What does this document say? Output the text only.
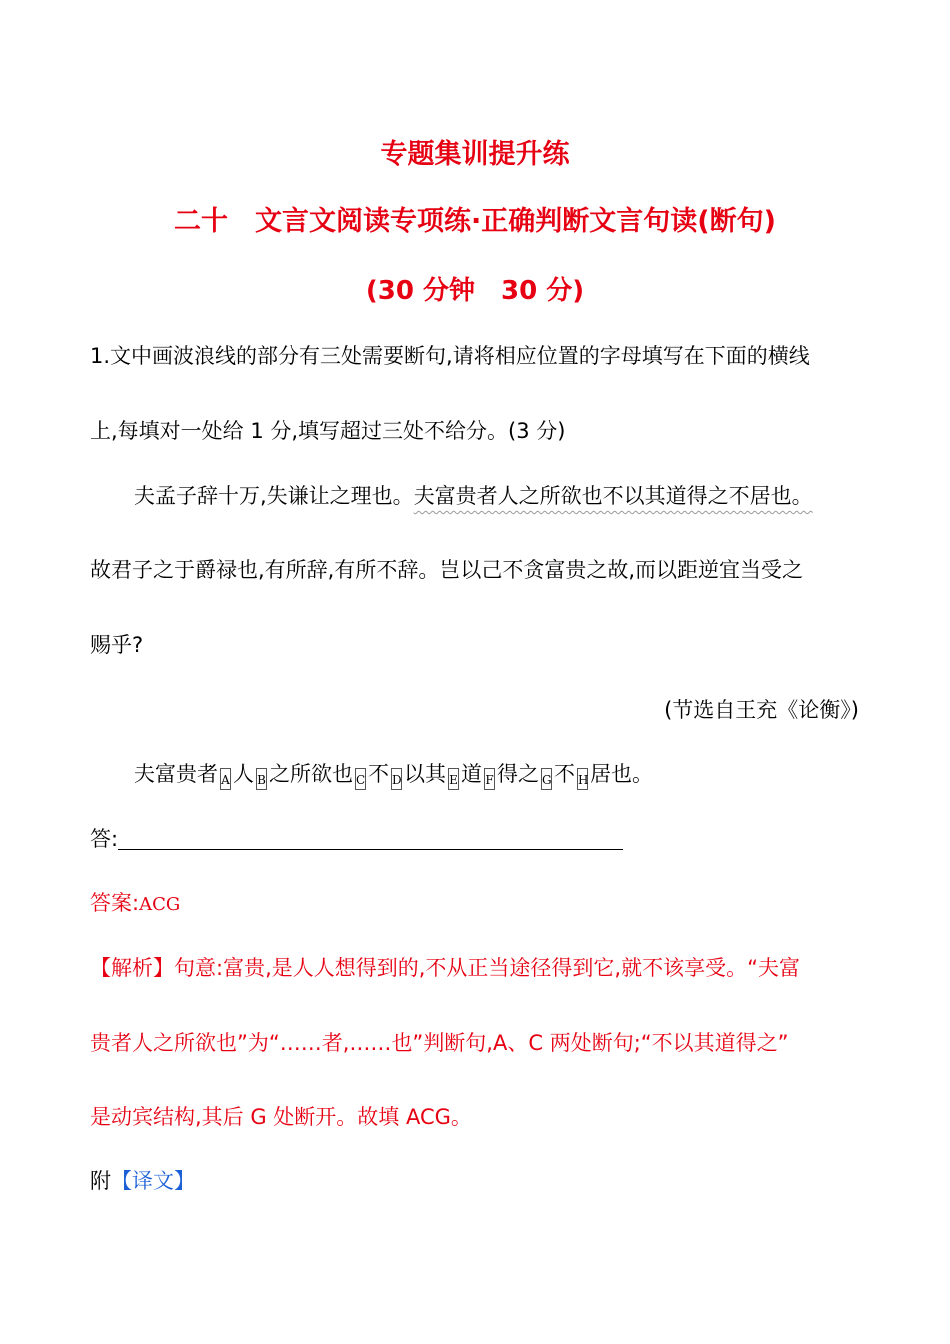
专题集训提升练
二十　文言文阅读专项练·正确判断文言句读(断句)
(30 分钟　30 分)
1.文中画波浪线的部分有三处需要断句,请将相应位置的字母填写在下面的横线
上,每填对一处给 1 分,填写超过三处不给分。(3 分)
夫孟子辞十万,失谦让之理也。夫富贵者人之所欲也不以其道得之不居也。
故君子之于爵禄也,有所辞,有所不辞。岂以己不贪富贵之故,而以距逆宜当受之
赐乎?
(节选自王充《论衡》)
夫富贵者 A 人 B 之所欲也 C 不 D 以其 E 道 F 得之 G 不 H居也。
答:
答案:ACG
【解析】句意:富贵,是人人想得到的,不从正当途径得到它,就不该享受。“夫富
贵者人之所欲也”为“……者,……也”判断句,A、C 两处断句;“不以其道得之”
是动宾结构,其后 G 处断开。故填 ACG。
附【译文】
